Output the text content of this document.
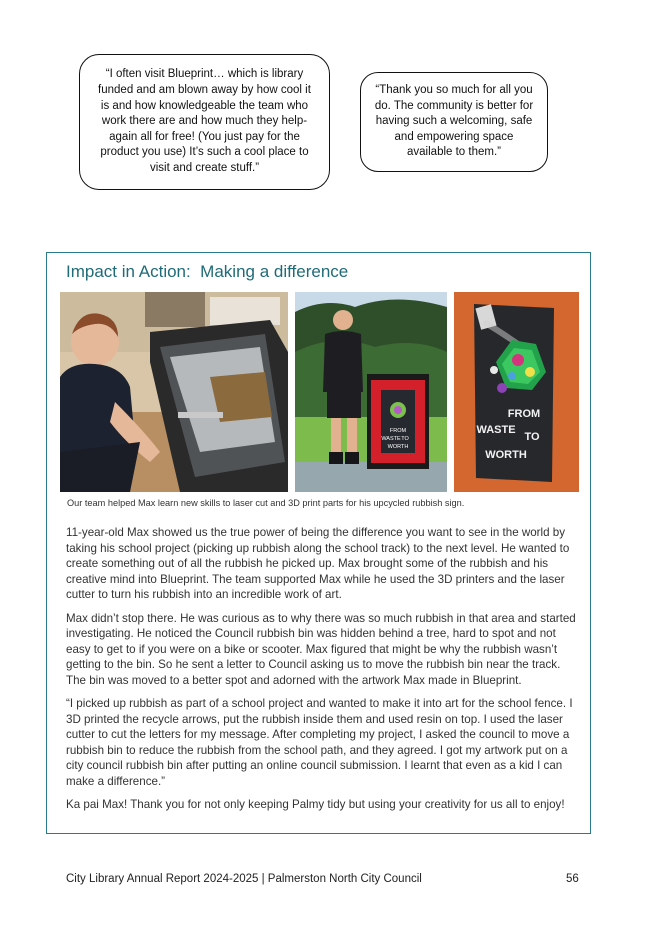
“I often visit Blueprint… which is library funded and am blown away by how cool it is and how knowledgeable the team who work there are and how much they help-again all for free! (You just pay for the product you use) It’s such a cool place to visit and create stuff.”
“Thank you so much for all you do. The community is better for having such a welcoming, safe and empowering space available to them.”
Impact in Action:  Making a difference
FROM
WASTE TO
WORTH
FROM
WASTE
TO
WORTH
Our team helped Max learn new skills to laser cut and 3D print parts for his upcycled rubbish sign.

11-year-old Max showed us the true power of being the difference you want to see in the world by taking his school project (picking up rubbish along the school track) to the next level. He wanted to create something out of all the rubbish he picked up. Max brought some of the rubbish and his creative mind into Blueprint. The team supported Max while he used the 3D printers and the laser cutter to turn his rubbish into an incredible work of art.

Max didn’t stop there. He was curious as to why there was so much rubbish in that area and started investigating. He noticed the Council rubbish bin was hidden behind a tree, hard to spot and not easy to get to if you were on a bike or scooter. Max figured that might be why the rubbish wasn’t getting to the bin. So he sent a letter to Council asking us to move the rubbish bin near the track. The bin was moved to a better spot and adorned with the artwork Max made in Blueprint.

“I picked up rubbish as part of a school project and wanted to make it into art for the school fence. I 3D printed the recycle arrows, put the rubbish inside them and used resin on top. I used the laser cutter to cut the letters for my message. After completing my project, I asked the council to move a rubbish bin to reduce the rubbish from the school path, and they agreed. I got my artwork put on a city council rubbish bin after putting an online council submission. I learnt that even as a kid I can make a difference.”

Ka pai Max! Thank you for not only keeping Palmy tidy but using your creativity for us all to enjoy!

City Library Annual Report 2024-2025 | Palmerston North City Council	56
